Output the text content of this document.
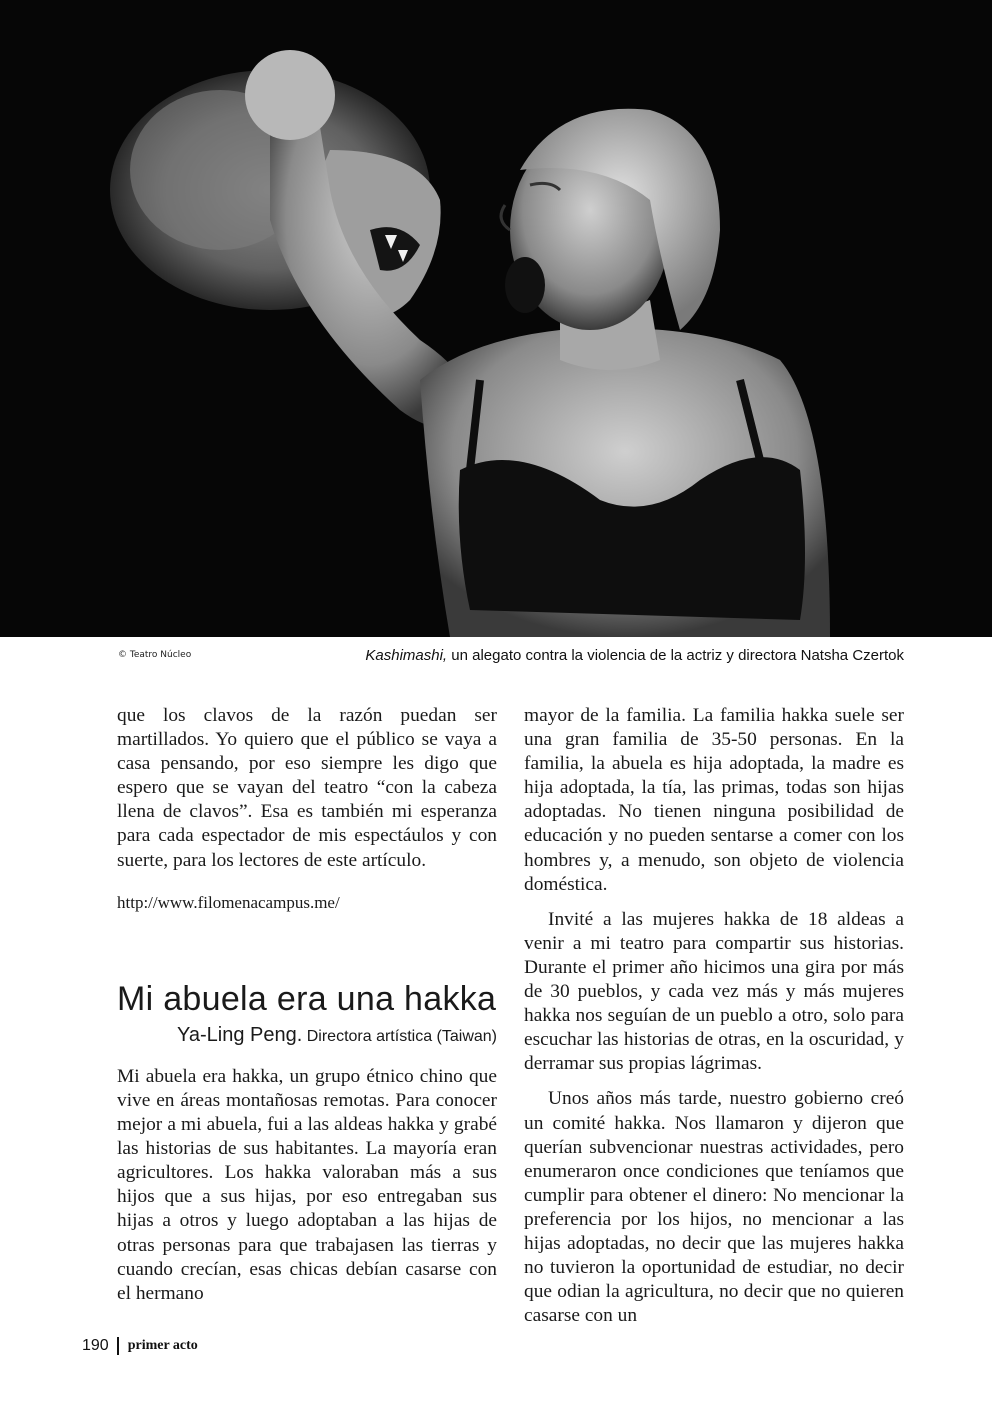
© Teatro Núcleo	Kashimashi, un alegato contra la violencia de la actriz y directora Natsha Czertok

que los clavos de la razón puedan ser martillados. Yo quiero que el público se vaya a casa pensando, por eso siempre les digo que espero que se vayan del teatro “con la cabeza llena de clavos”. Esa es también mi esperanza para cada espectador de mis espectáulos y con suerte, para los lectores de este artículo.

http://www.filomenacampus.me/

Mi abuela era una hakka
Ya-Ling Peng. Directora artística (Taiwan)

Mi abuela era hakka, un grupo étnico chino que vive en áreas montañosas remotas. Para conocer mejor a mi abuela, fui a las aldeas hakka y grabé las historias de sus habitantes. La mayoría eran agricultores. Los hakka valoraban más a sus hijos que a sus hijas, por eso entregaban sus hijas a otros y luego adoptaban a las hijas de otras personas para que trabajasen las tierras y cuando crecían, esas chicas debían casarse con el hermano

mayor de la familia. La familia hakka suele ser una gran familia de 35-50 personas. En la familia, la abuela es hija adoptada, la madre es hija adoptada, la tía, las primas, todas son hijas adoptadas. No tienen ninguna posibilidad de educación y no pueden sentarse a comer con los hombres y, a menudo, son objeto de violencia doméstica.

Invité a las mujeres hakka de 18 aldeas a venir a mi teatro para compartir sus historias. Durante el primer año hicimos una gira por más de 30 pueblos, y cada vez más y más mujeres hakka nos seguían de un pueblo a otro, solo para escuchar las historias de otras, en la oscuridad, y derramar sus propias lágrimas.

Unos años más tarde, nuestro gobierno creó un comité hakka. Nos llamaron y dijeron que querían subvencionar nuestras actividades, pero enumeraron once condiciones que teníamos que cumplir para obtener el dinero: No mencionar la preferencia por los hijos, no mencionar a las hijas adoptadas, no decir que las mujeres hakka no tuvieron la oportunidad de estudiar, no decir que odian la agricultura, no decir que no quieren casarse con un

190 primer acto
